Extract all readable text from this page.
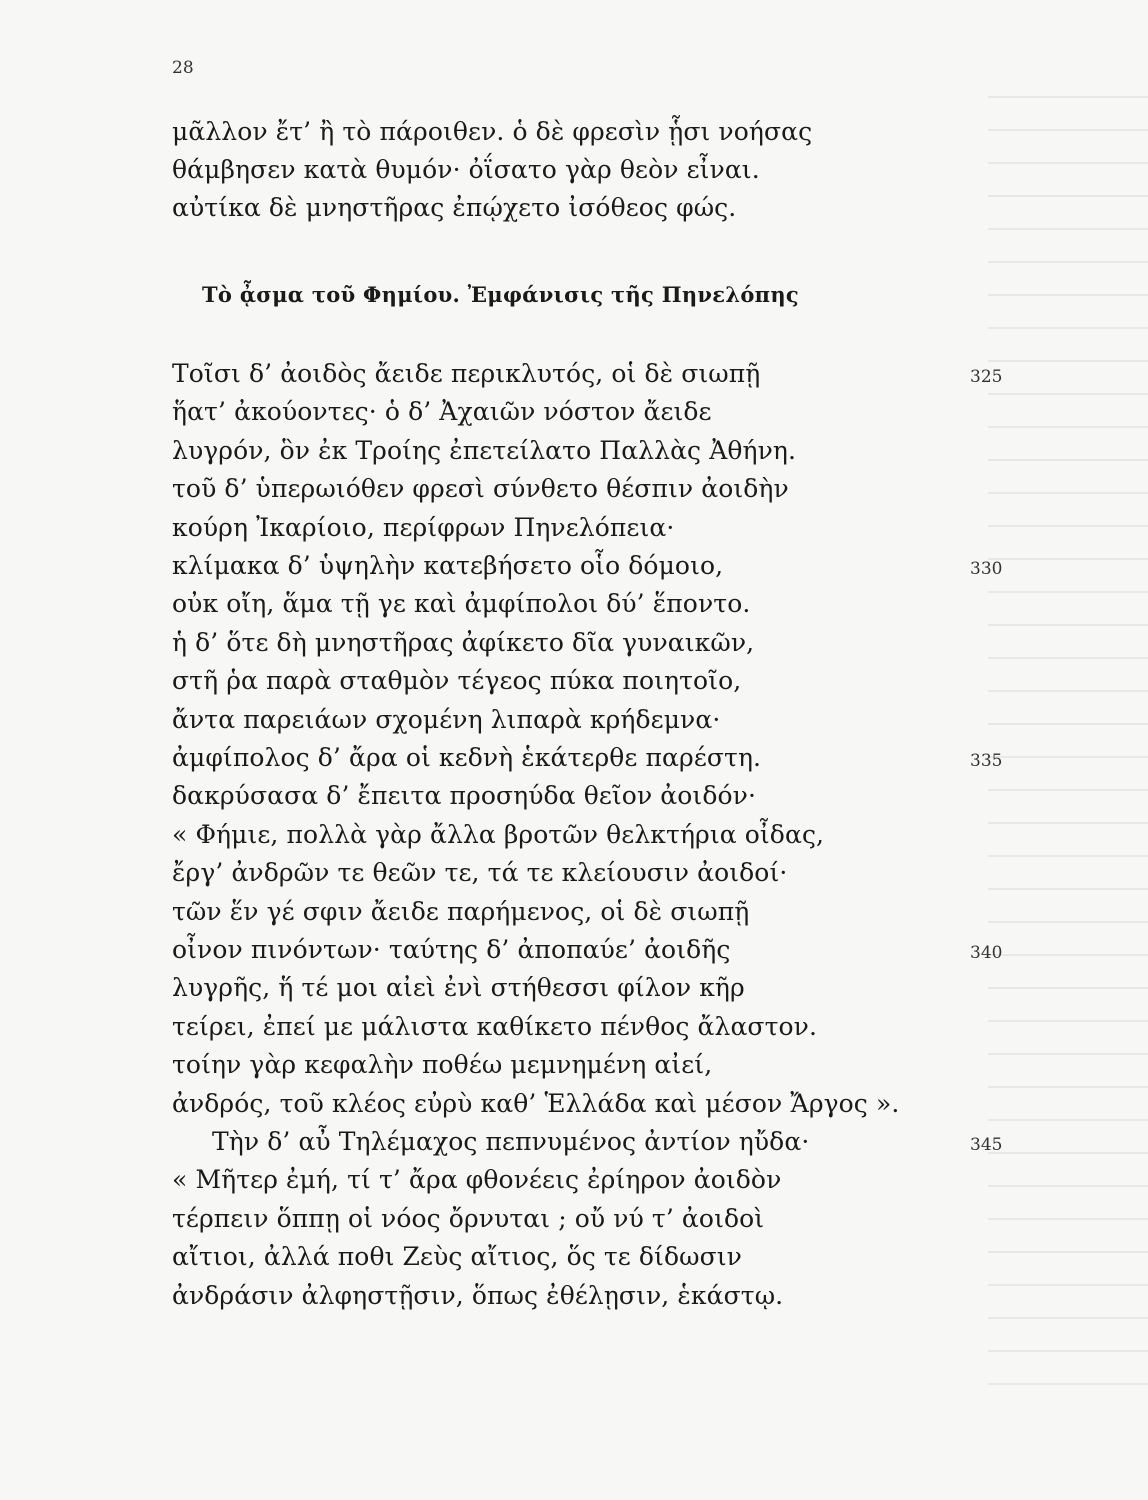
28
μᾶλλον ἔτ’ ἢ τὸ πάροιθεν. ὁ δὲ φρεσὶν ᾗσι νοήσας
θάμβησεν κατὰ θυμόν· ὀΐσατο γὰρ θεὸν εἶναι.
αὐτίκα δὲ μνηστῆρας ἐπῴχετο ἰσόθεος φώς.
Τὸ ᾆσμα τοῦ Φημίου. Ἐμφάνισις τῆς Πηνελόπης
Τοῖσι δ’ ἀοιδὸς ἄειδε περικλυτός, οἱ δὲ σιωπῇ	325
ἥατ’ ἀκούοντες· ὁ δ’ Ἀχαιῶν νόστον ἄειδε
λυγρόν, ὃν ἐκ Τροίης ἐπετείλατο Παλλὰς Ἀθήνη.
τοῦ δ’ ὑπερωιόθεν φρεσὶ σύνθετο θέσπιν ἀοιδὴν
κούρη Ἰκαρίοιο, περίφρων Πηνελόπεια·
κλίμακα δ’ ὑψηλὴν κατεβήσετο οἷο δόμοιο,	330
οὐκ οἴη, ἅμα τῇ γε καὶ ἀμφίπολοι δύ’ ἕποντο.
ἡ δ’ ὅτε δὴ μνηστῆρας ἀφίκετο δῖα γυναικῶν,
στῆ ῥα παρὰ σταθμὸν τέγεος πύκα ποιητοῖο,
ἄντα παρειάων σχομένη λιπαρὰ κρήδεμνα·
ἀμφίπολος δ’ ἄρα οἱ κεδνὴ ἑκάτερθε παρέστη.	335
δακρύσασα δ’ ἔπειτα προσηύδα θεῖον ἀοιδόν·
« Φήμιε, πολλὰ γὰρ ἄλλα βροτῶν θελκτήρια οἶδας,
ἔργ’ ἀνδρῶν τε θεῶν τε, τά τε κλείουσιν ἀοιδοί·
τῶν ἕν γέ σφιν ἄειδε παρήμενος, οἱ δὲ σιωπῇ
οἶνον πινόντων· ταύτης δ’ ἀποπαύε’ ἀοιδῆς	340
λυγρῆς, ἥ τέ μοι αἰεὶ ἐνὶ στήθεσσι φίλον κῆρ
τείρει, ἐπεί με μάλιστα καθίκετο πένθος ἄλαστον.
τοίην γὰρ κεφαλὴν ποθέω μεμνημένη αἰεί,
ἀνδρός, τοῦ κλέος εὐρὺ καθ’ Ἑλλάδα καὶ μέσον Ἄργος ».
Τὴν δ’ αὖ Τηλέμαχος πεπνυμένος ἀντίον ηὔδα·	345
« Μῆτερ ἐμή, τί τ’ ἄρα φθονέεις ἐρίηρον ἀοιδὸν
τέρπειν ὅππῃ οἱ νόος ὄρνυται ; οὔ νύ τ’ ἀοιδοὶ
αἴτιοι, ἀλλά ποθι Ζεὺς αἴτιος, ὅς τε δίδωσιν
ἀνδράσιν ἀλφηστῇσιν, ὅπως ἐθέλῃσιν, ἑκάστῳ.
